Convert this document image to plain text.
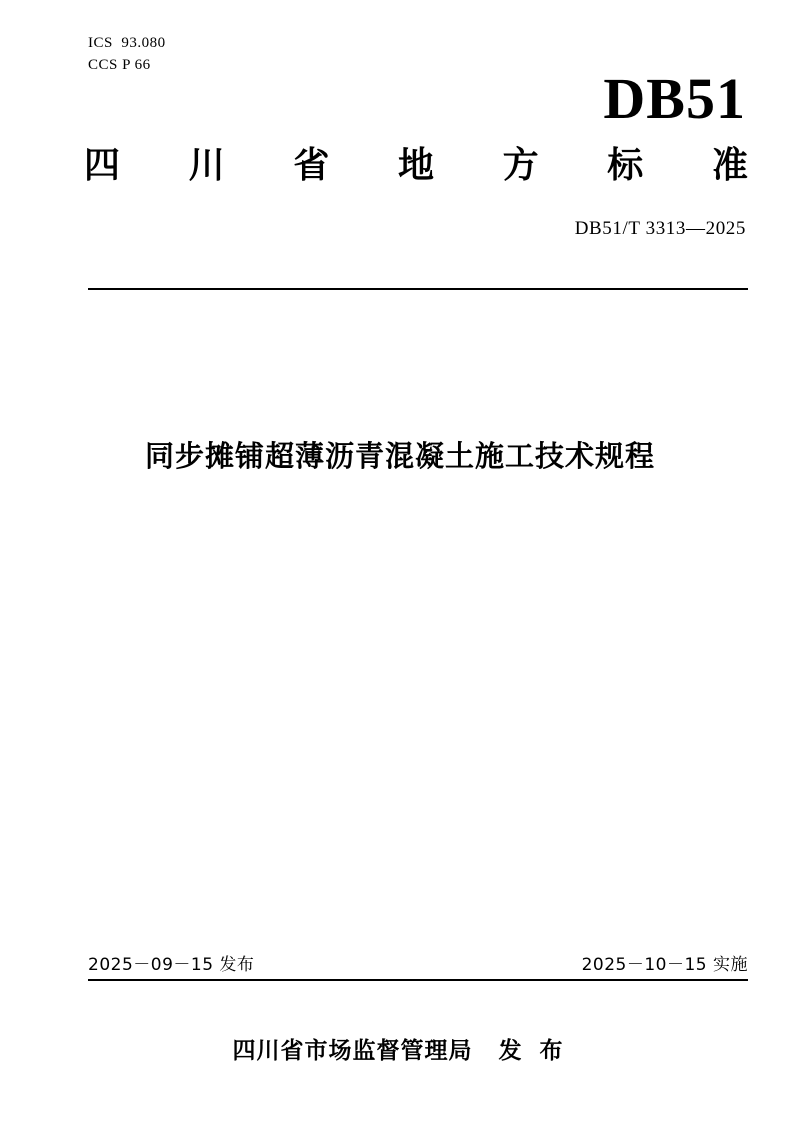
ICS  93.080
CCS P 66
DB51
四 川 省 地 方 标 准
DB51/T 3313—2025
同步摊铺超薄沥青混凝土施工技术规程
2025－09－15 发布	2025－10－15 实施
四川省市场监督管理局 发 布
